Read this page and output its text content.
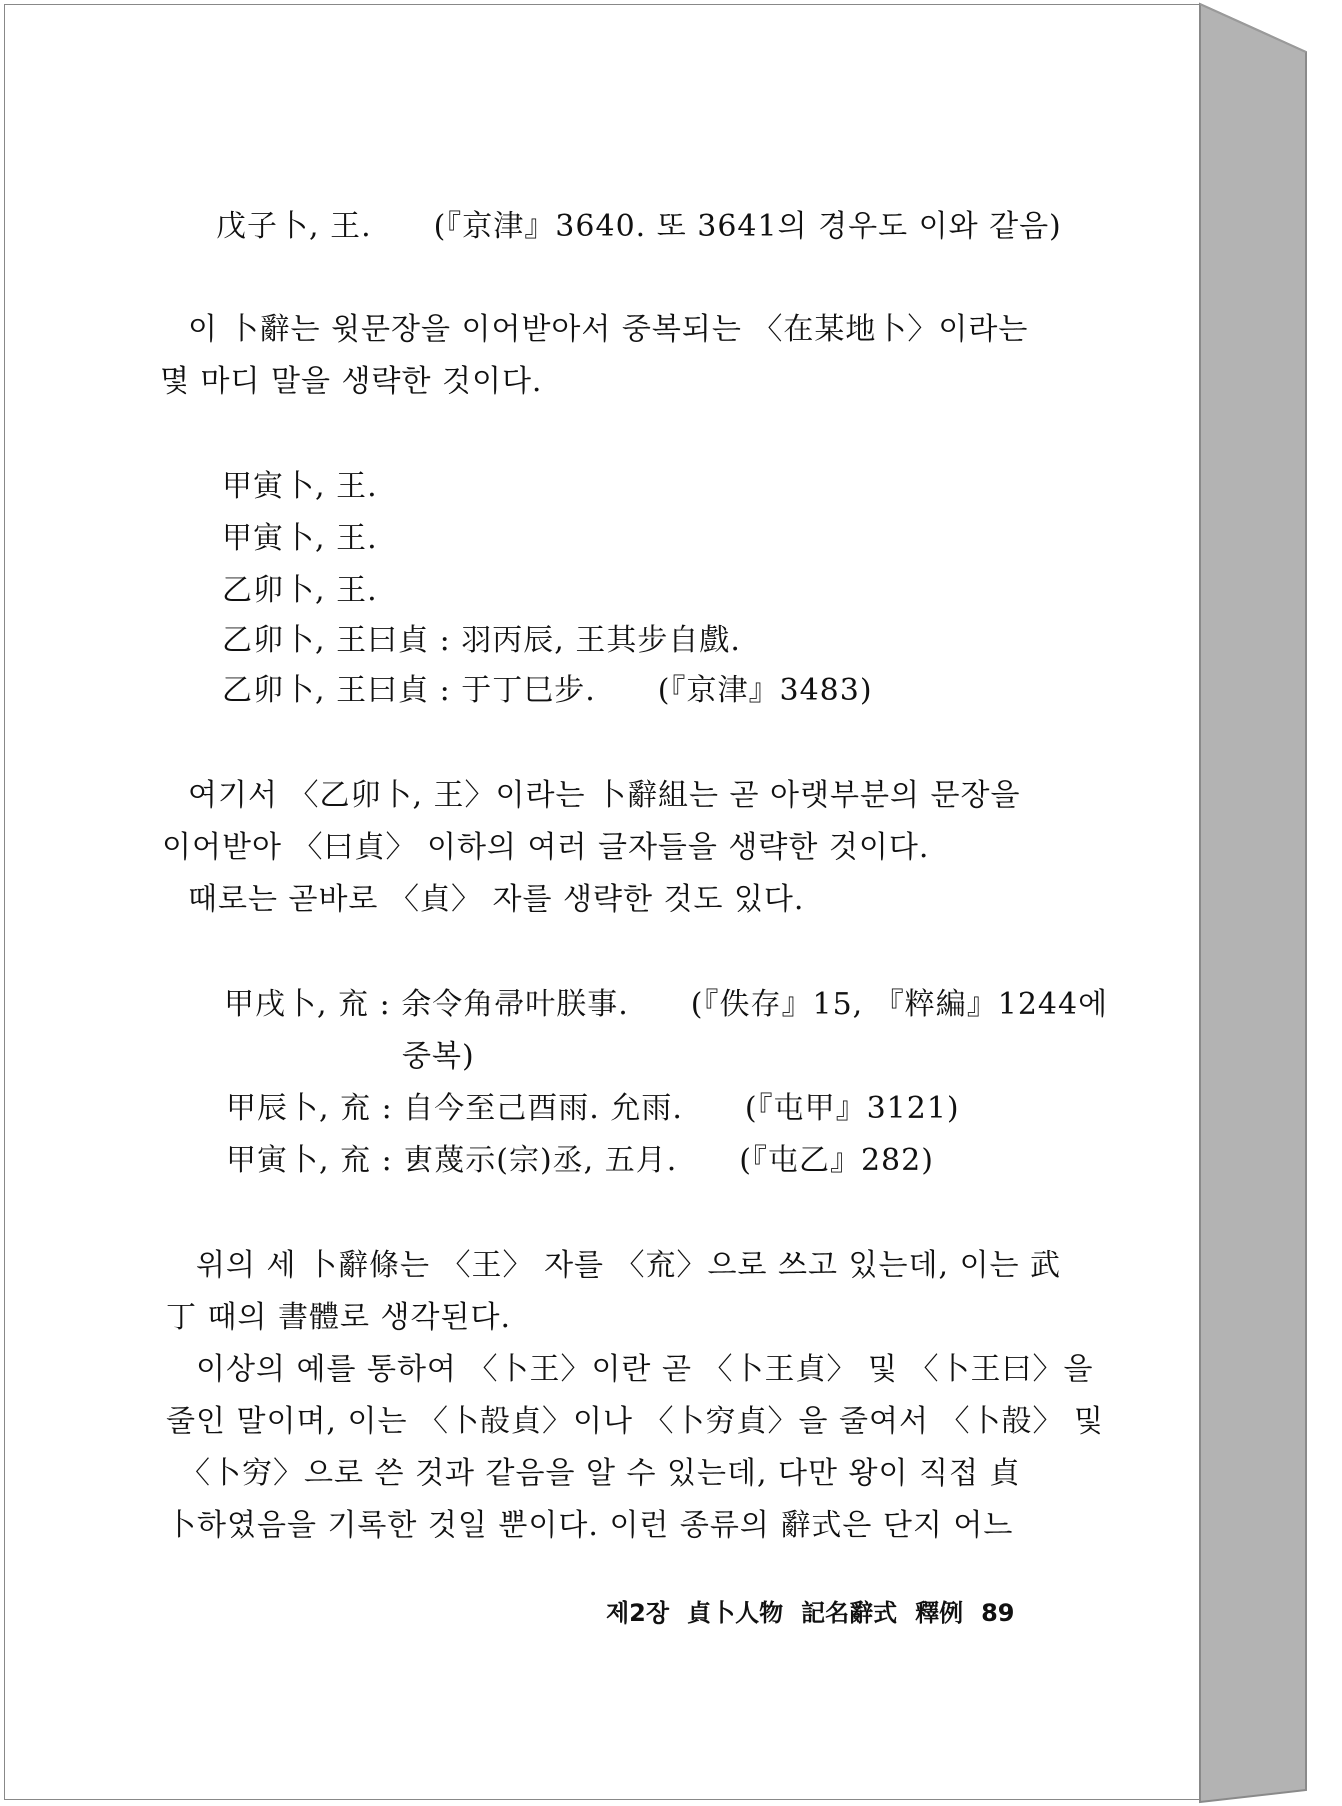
戊子卜, 王.　　(『京津』3640. 또 3641의 경우도 이와 같음)
이 卜辭는 윗문장을 이어받아서 중복되는 〈在某地卜〉이라는
몇 마디 말을 생략한 것이다.
甲寅卜, 王.
甲寅卜, 王.
乙卯卜, 王.
乙卯卜, 王曰貞 : 羽丙辰, 王其步自戲.
乙卯卜, 王曰貞 : 于丁巳步.　　(『京津』3483)
여기서 〈乙卯卜, 王〉이라는 卜辭組는 곧 아랫부분의 문장을
이어받아 〈曰貞〉 이하의 여러 글자들을 생략한 것이다.
때로는 곧바로 〈貞〉 자를 생략한 것도 있다.
甲戌卜, 㐬 : 余令角帚叶朕事.　　(『佚存』15, 『粹編』1244에
중복)
甲辰卜, 㐬 : 自今至己酉雨. 允雨.　　(『屯甲』3121)
甲寅卜, 㐬 : 叀蔑示(宗)丞, 五月.　　(『屯乙』282)
위의 세 卜辭條는 〈王〉 자를 〈㐬〉으로 쓰고 있는데, 이는 武
丁 때의 書體로 생각된다.
이상의 예를 통하여 〈卜王〉이란 곧 〈卜王貞〉 및 〈卜王曰〉을
줄인 말이며, 이는 〈卜㱿貞〉이나 〈卜穷貞〉을 줄여서 〈卜㱿〉 및
〈卜穷〉으로 쓴 것과 같음을 알 수 있는데, 다만 왕이 직접 貞
卜하였음을 기록한 것일 뿐이다. 이런 종류의 辭式은 단지 어느
제2장 貞卜人物 記名辭式 釋例 89
